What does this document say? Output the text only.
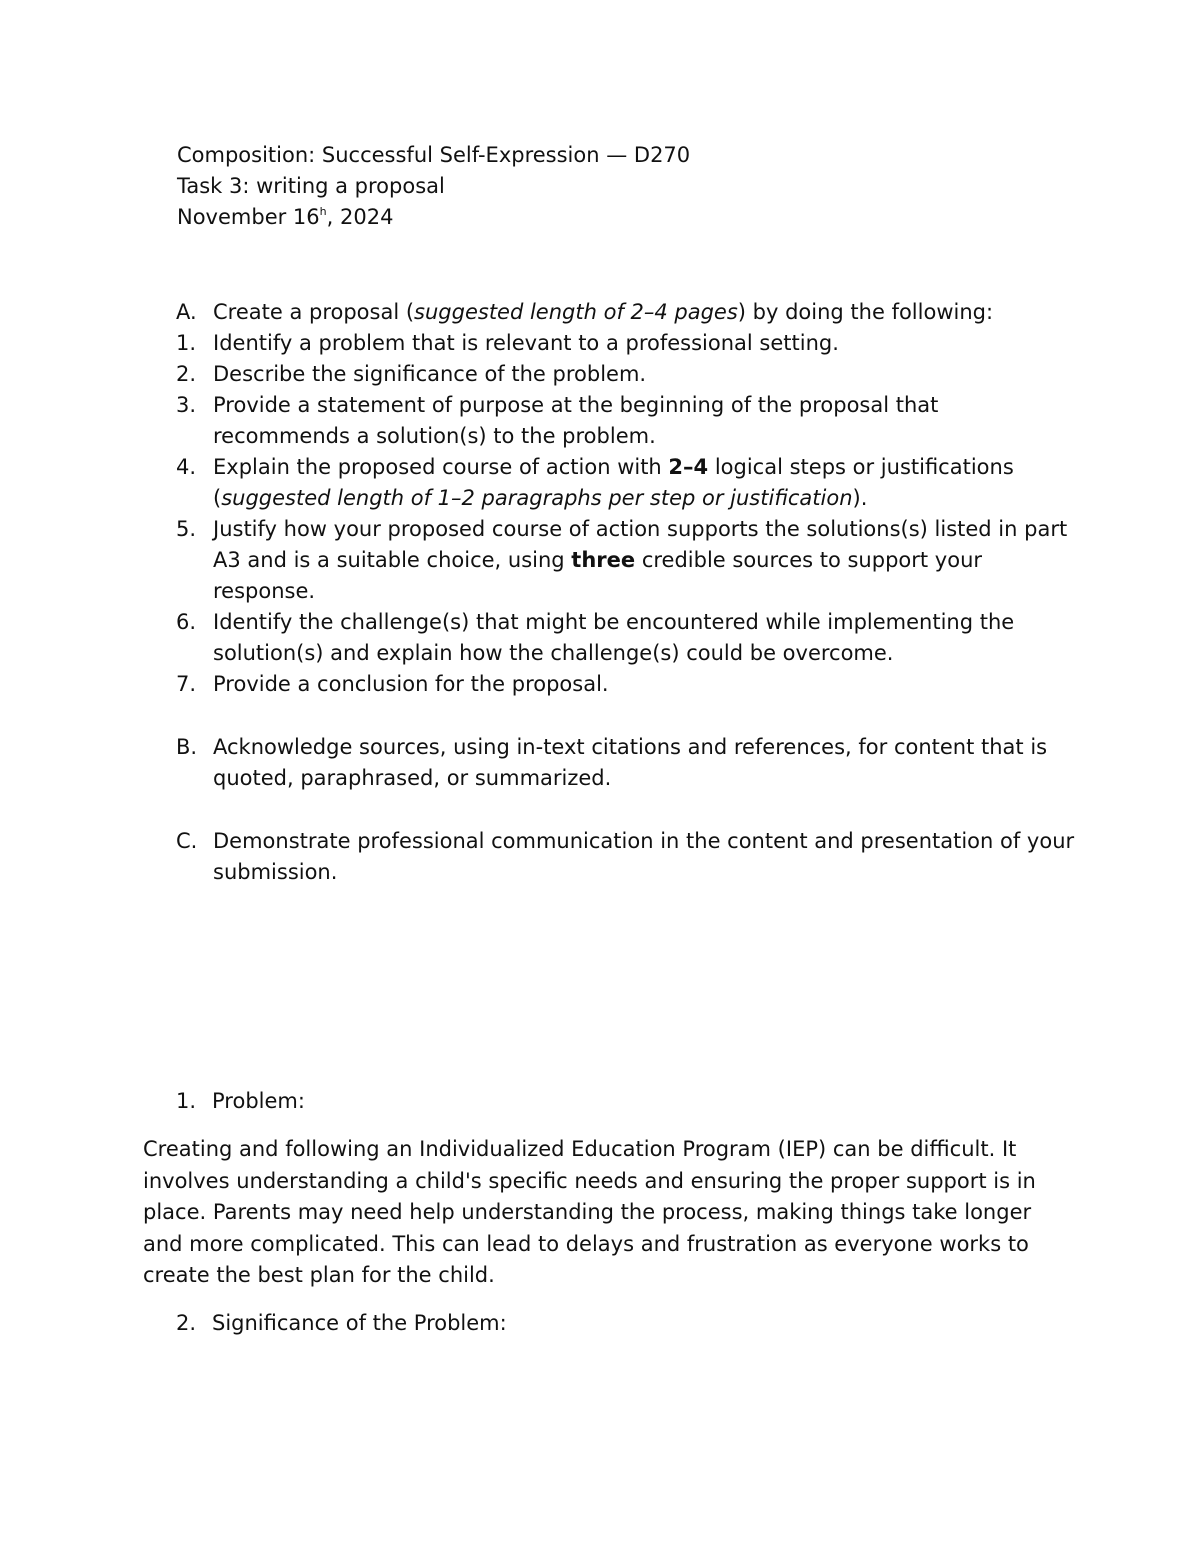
Composition: Successful Self-Expression — D270
Task 3: writing a proposal
November 16$^h$, 2024
A. Create a proposal (suggested length of 2–4 pages) by doing the following:
1. Identify a problem that is relevant to a professional setting.
2. Describe the significance of the problem.
3. Provide a statement of purpose at the beginning of the proposal that recommends a solution(s) to the problem.
4. Explain the proposed course of action with 2–4 logical steps or justifications (suggested length of 1–2 paragraphs per step or justification).
5. Justify how your proposed course of action supports the solutions(s) listed in part A3 and is a suitable choice, using three credible sources to support your response.
6. Identify the challenge(s) that might be encountered while implementing the solution(s) and explain how the challenge(s) could be overcome.
7. Provide a conclusion for the proposal.
B. Acknowledge sources, using in-text citations and references, for content that is quoted, paraphrased, or summarized.
C. Demonstrate professional communication in the content and presentation of your submission.
1. Problem:
Creating and following an Individualized Education Program (IEP) can be difficult. It involves understanding a child's specific needs and ensuring the proper support is in place. Parents may need help understanding the process, making things take longer and more complicated. This can lead to delays and frustration as everyone works to create the best plan for the child.
2. Significance of the Problem:
